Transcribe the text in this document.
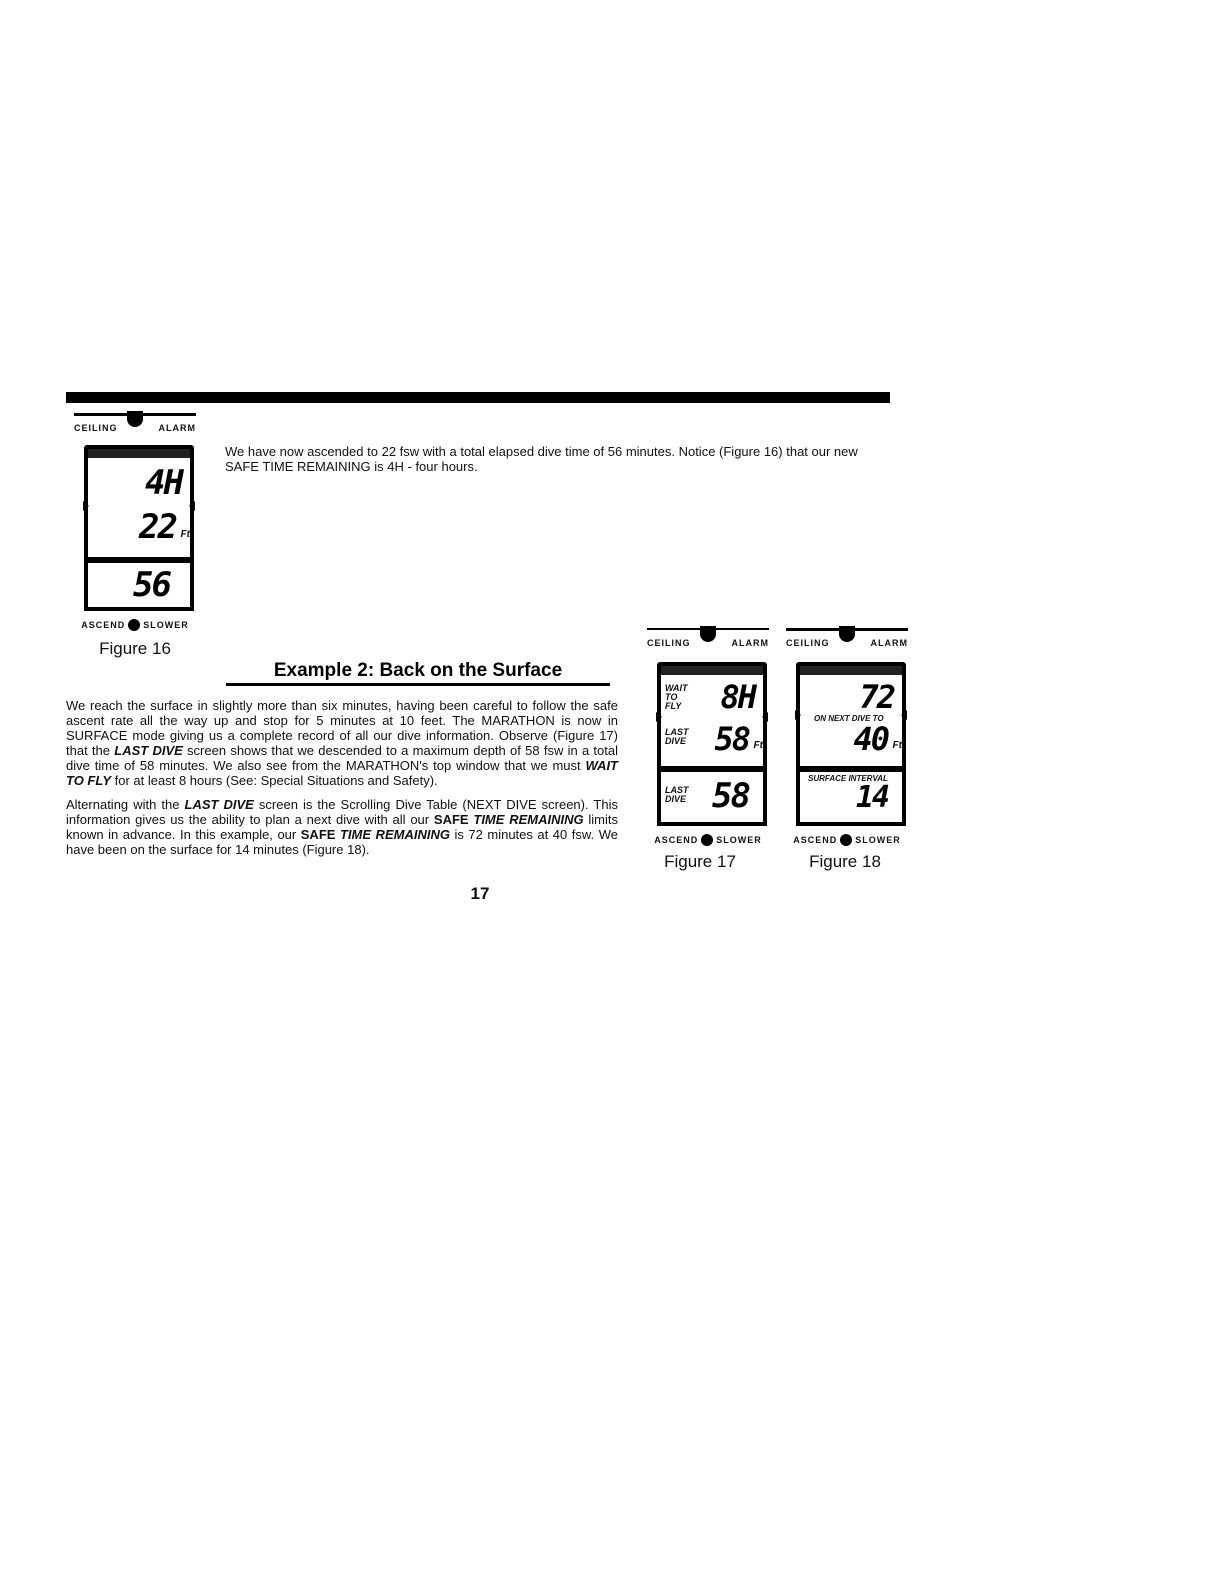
CEILING	ALARM
4H
22 Ft
56
ASCEND SLOWER
Figure 16
We have now ascended to 22 fsw with a total elapsed dive time of 56 minutes. Notice (Figure 16) that our new SAFE TIME REMAINING is 4H - four hours.
Example 2: Back on the Surface
We reach the surface in slightly more than six minutes, having been careful to follow the safe ascent rate all the way up and stop for 5 minutes at 10 feet. The MARATHON is now in SURFACE mode giving us a complete record of all our dive information. Observe (Figure 17) that the LAST DIVE screen shows that we descended to a maximum depth of 58 fsw in a total dive time of 58 minutes. We also see from the MARATHON's top window that we must WAIT TO FLY for at least 8 hours (See: Special Situations and Safety).
Alternating with the LAST DIVE screen is the Scrolling Dive Table (NEXT DIVE screen). This information gives us the ability to plan a next dive with all our SAFE TIME REMAINING limits known in advance. In this example, our SAFE TIME REMAINING is 72 minutes at 40 fsw. We have been on the surface for 14 minutes (Figure 18).
CEILING	ALARM
WAIT TO FLY	8H
LAST DIVE 58 Ft
LAST DIVE 58
ASCEND SLOWER
Figure 17
CEILING	ALARM
72
ON NEXT DIVE TO
40 Ft
SURFACE INTERVAL
14
ASCEND SLOWER
Figure 18
17
